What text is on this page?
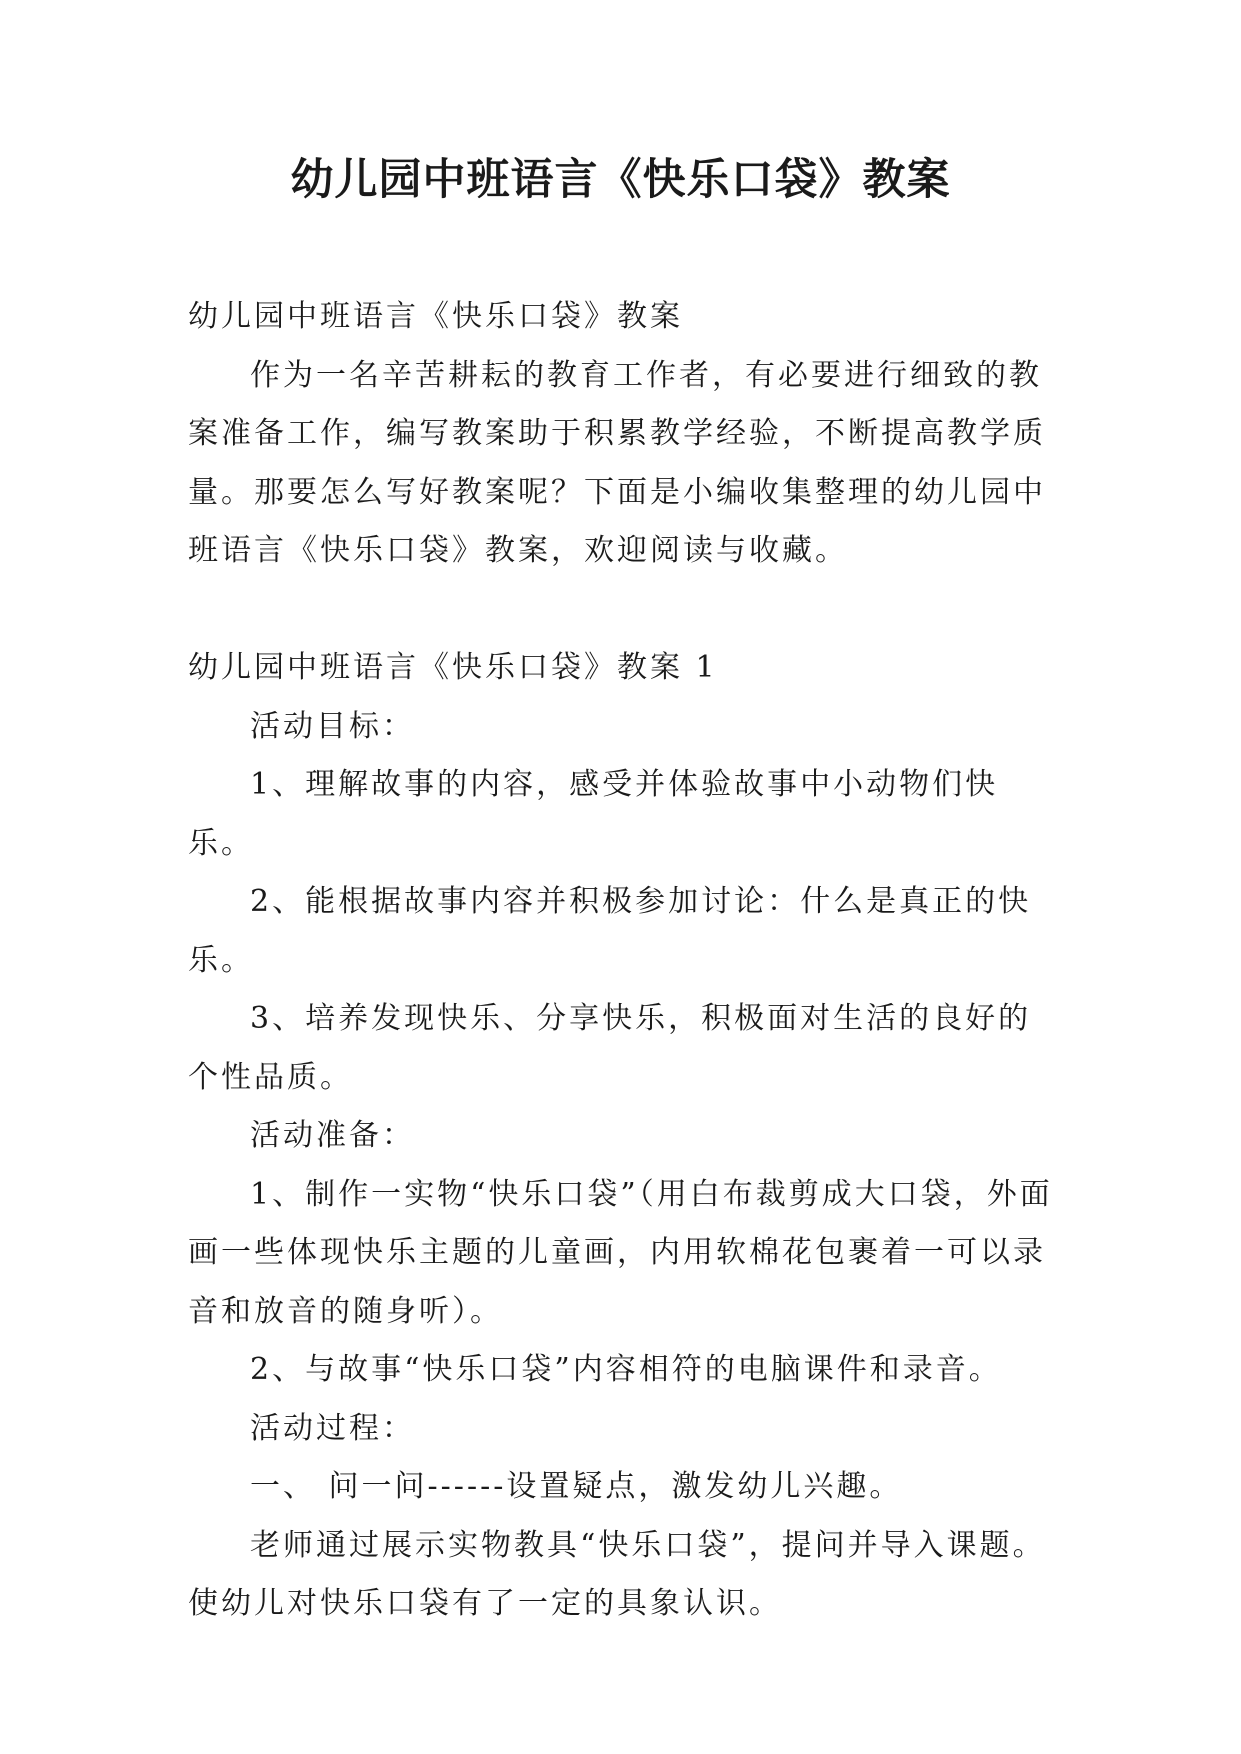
幼儿园中班语言《快乐口袋》教案

幼儿园中班语言《快乐口袋》教案

作为一名辛苦耕耘的教育工作者，有必要进行细致的教案准备工作，编写教案助于积累教学经验，不断提高教学质量。那要怎么写好教案呢？下面是小编收集整理的幼儿园中班语言《快乐口袋》教案，欢迎阅读与收藏。

幼儿园中班语言《快乐口袋》教案 1

活动目标：

1、理解故事的内容，感受并体验故事中小动物们快乐。

2、能根据故事内容并积极参加讨论：什么是真正的快乐。

3、培养发现快乐、分享快乐，积极面对生活的良好的个性品质。

活动准备：

1、制作一实物“快乐口袋”（用白布裁剪成大口袋，外面画一些体现快乐主题的儿童画，内用软棉花包裹着一可以录音和放音的随身听）。

2、与故事“快乐口袋”内容相符的电脑课件和录音。

活动过程：

一、 问一问------设置疑点，激发幼儿兴趣。

老师通过展示实物教具“快乐口袋”，提问并导入课题。使幼儿对快乐口袋有了一定的具象认识。
